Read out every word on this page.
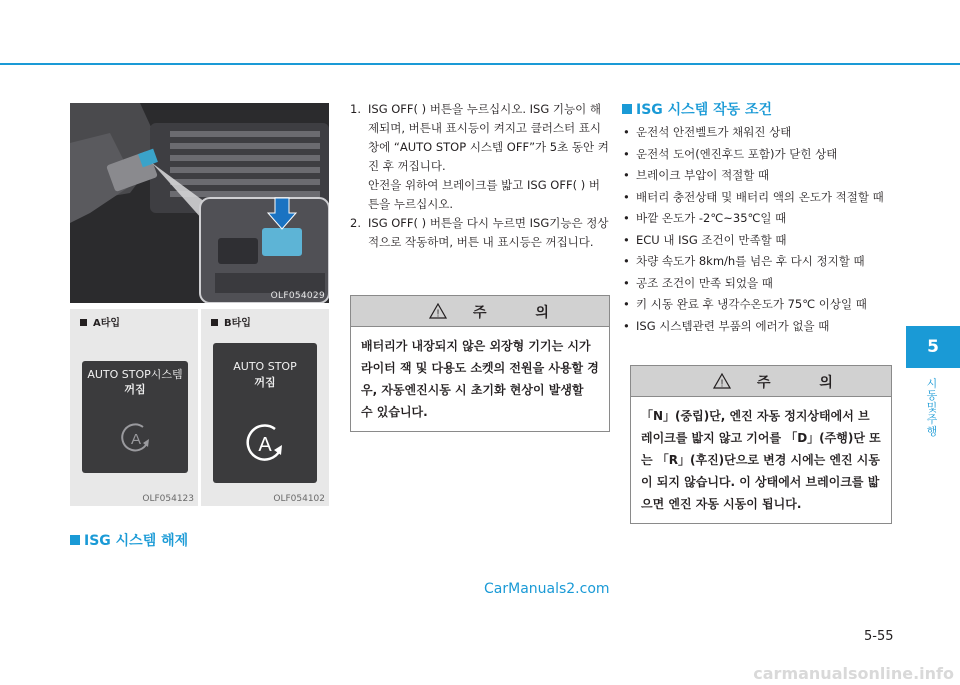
OLF054029
A타입
AUTO STOP시스템
꺼짐
A
OLF054123
B타입
AUTO STOP
꺼짐
A
OLF054102
ISG 시스템 해제
1. ISG OFF( ) 버튼을 누르십시오. ISG 기능이 해제되며, 버튼내 표시등이 켜지고 클러스터 표시창에 “AUTO STOP 시스템 OFF”가 5초 동안 켜진 후 꺼집니다.

안전을 위하여 브레이크를 밟고 ISG OFF( ) 버튼을 누르십시오.

2. ISG OFF( ) 버튼을 다시 누르면 ISG기능은 정상적으로 작동하며, 버튼 내 표시등은 꺼집니다.

! 주 의
배터리가 내장되지 않은 외장형 기기는 시가라이터 잭 및 다용도 소켓의 전원을 사용할 경우, 자동엔진시동 시 초기화 현상이 발생할 수 있습니다.
ISG 시스템 작동 조건
• 운전석 안전벨트가 채워진 상태
• 운전석 도어(엔진후드 포함)가 닫힌 상태
• 브레이크 부압이 적절할 때
• 배터리 충전상태 및 배터리 액의 온도가 적절할 때
• 바깥 온도가 -2℃~35℃일 때
• ECU 내 ISG 조건이 만족할 때
• 차량 속도가 8km/h를 넘은 후 다시 정지할 때
• 공조 조건이 만족 되었을 때
• 키 시동 완료 후 냉각수온도가 75℃ 이상일 때
• ISG 시스템관련 부품의 에러가 없을 때
! 주 의
「N」(중립)단, 엔진 자동 정지상태에서 브레이크를 밟지 않고 기어를 「D」(주행)단 또는 「R」(후진)단으로 변경 시에는 엔진 시동이 되지 않습니다. 이 상태에서 브레이크를 밟으면 엔진 자동 시동이 됩니다.
5
시동 및 주행
CarManuals2.com
5-55
carmanualsonline.info
